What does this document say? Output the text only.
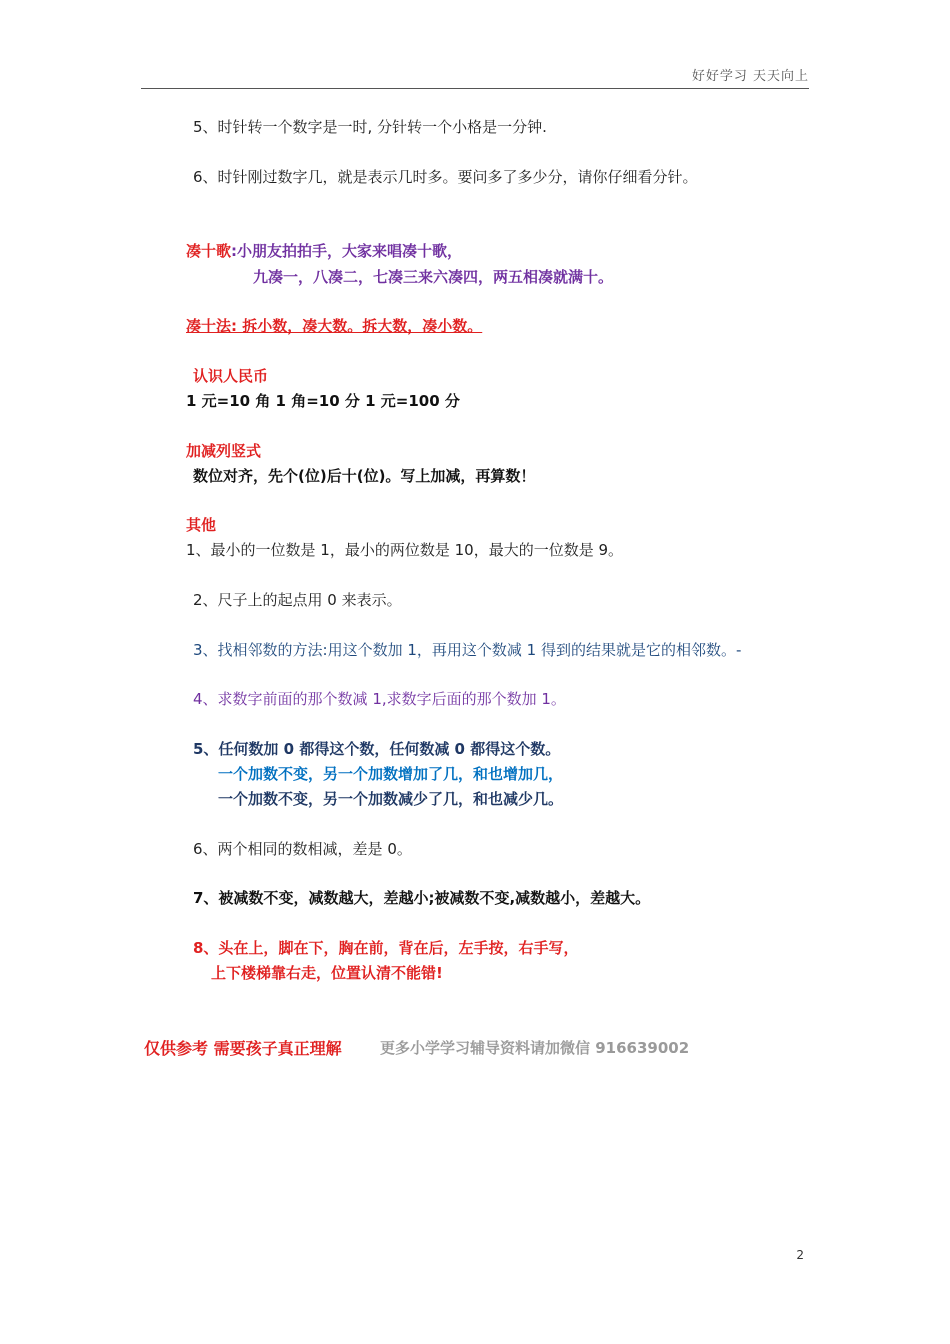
好好学习 天天向上
5、时针转一个数字是一时, 分针转一个小格是一分钟.
6、时针刚过数字几，就是表示几时多。要问多了多少分，请你仔细看分针。
凑十歌:小朋友拍拍手，大家来唱凑十歌，
九凑一，八凑二，七凑三来六凑四，两五相凑就满十。
凑十法: 拆小数，凑大数。拆大数，凑小数。
认识人民币
1 元=10 角 1 角=10 分 1 元=100 分
加减列竖式
数位对齐，先个(位)后十(位)。写上加减，再算数！
其他
1、最小的一位数是 1，最小的两位数是 10，最大的一位数是 9。
2、尺子上的起点用 0 来表示。
3、找相邻数的方法:用这个数加 1，再用这个数减 1 得到的结果就是它的相邻数。-
4、求数字前面的那个数减 1,求数字后面的那个数加 1。
5、任何数加 0 都得这个数，任何数减 0 都得这个数。
一个加数不变，另一个加数增加了几，和也增加几，
一个加数不变，另一个加数减少了几，和也减少几。
6、两个相同的数相减，差是 0。
7、被减数不变，减数越大，差越小;被减数不变,减数越小，差越大。
8、头在上，脚在下，胸在前，背在后，左手按，右手写，
上下楼梯靠右走，位置认清不能错!
仅供参考 需要孩子真正理解	更多小学学习辅导资料请加微信 916639002
2
